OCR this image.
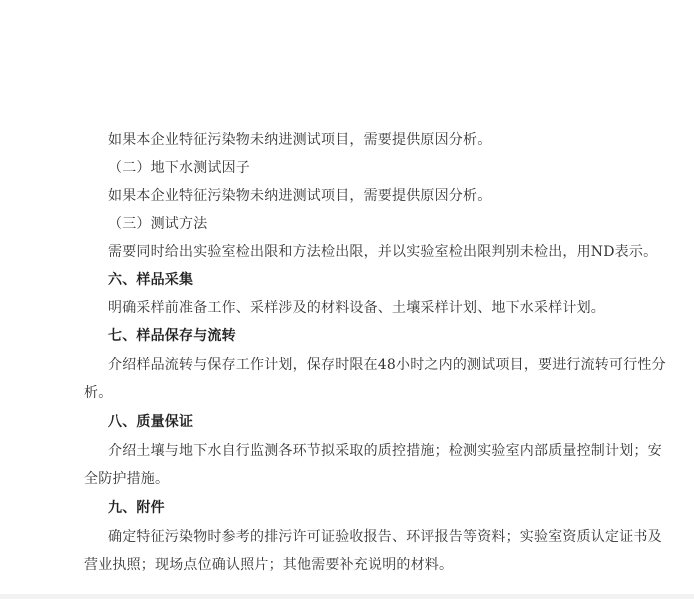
如果本企业特征污染物未纳进测试项目，需要提供原因分析。
（二）地下水测试因子
如果本企业特征污染物未纳进测试项目，需要提供原因分析。
（三）测试方法
需要同时给出实验室检出限和方法检出限，并以实验室检出限判别未检出，用ND表示。
六、样品采集
明确采样前准备工作、采样涉及的材料设备、土壤采样计划、地下水采样计划。
七、样品保存与流转
介绍样品流转与保存工作计划，保存时限在48小时之内的测试项目，要进行流转可行性分
析。
八、质量保证
介绍土壤与地下水自行监测各环节拟采取的质控措施；检测实验室内部质量控制计划；安
全防护措施。
九、附件
确定特征污染物时参考的排污许可证验收报告、环评报告等资料；实验室资质认定证书及
营业执照；现场点位确认照片；其他需要补充说明的材料。
